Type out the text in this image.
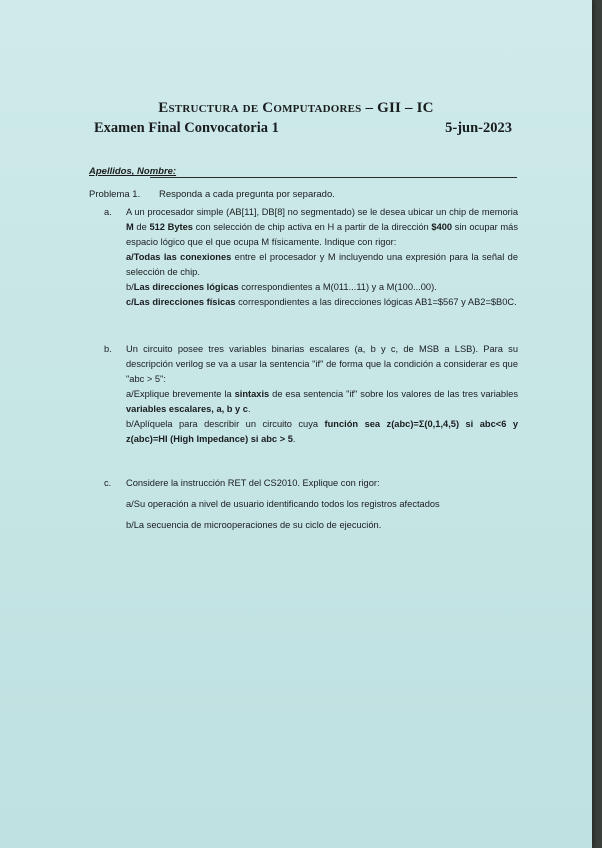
Estructura de Computadores – GII – IC
Examen Final Convocatoria 1	5-jun-2023
Apellidos, Nombre:
Problema 1.	Responda a cada pregunta por separado.
a. A un procesador simple (AB[11], DB[8] no segmentado) se le desea ubicar un chip de memoria M de 512 Bytes con selección de chip activa en H a partir de la dirección $400 sin ocupar más espacio lógico que el que ocupa M físicamente. Indique con rigor:

a/Todas las conexiones entre el procesador y M incluyendo una expresión para la señal de selección de chip.

b/Las direcciones lógicas correspondientes a M(011...11) y a M(100...00).

c/Las direcciones físicas correspondientes a las direcciones lógicas AB1=$567 y AB2=$B0C.

b. Un circuito posee tres variables binarias escalares (a, b y c, de MSB a LSB). Para su descripción verilog se va a usar la sentencia "if" de forma que la condición a considerar es que "abc > 5":

a/Explique brevemente la sintaxis de esa sentencia "if" sobre los valores de las tres variables variables escalares, a, b y c.

b/Aplíquela para describir un circuito cuya función sea z(abc)=Σ(0,1,4,5) si abc<6 y z(abc)=HI (High Impedance) si abc > 5.

c. Considere la instrucción RET del CS2010. Explique con rigor:

a/Su operación a nivel de usuario identificando todos los registros afectados

b/La secuencia de microoperaciones de su ciclo de ejecución.
